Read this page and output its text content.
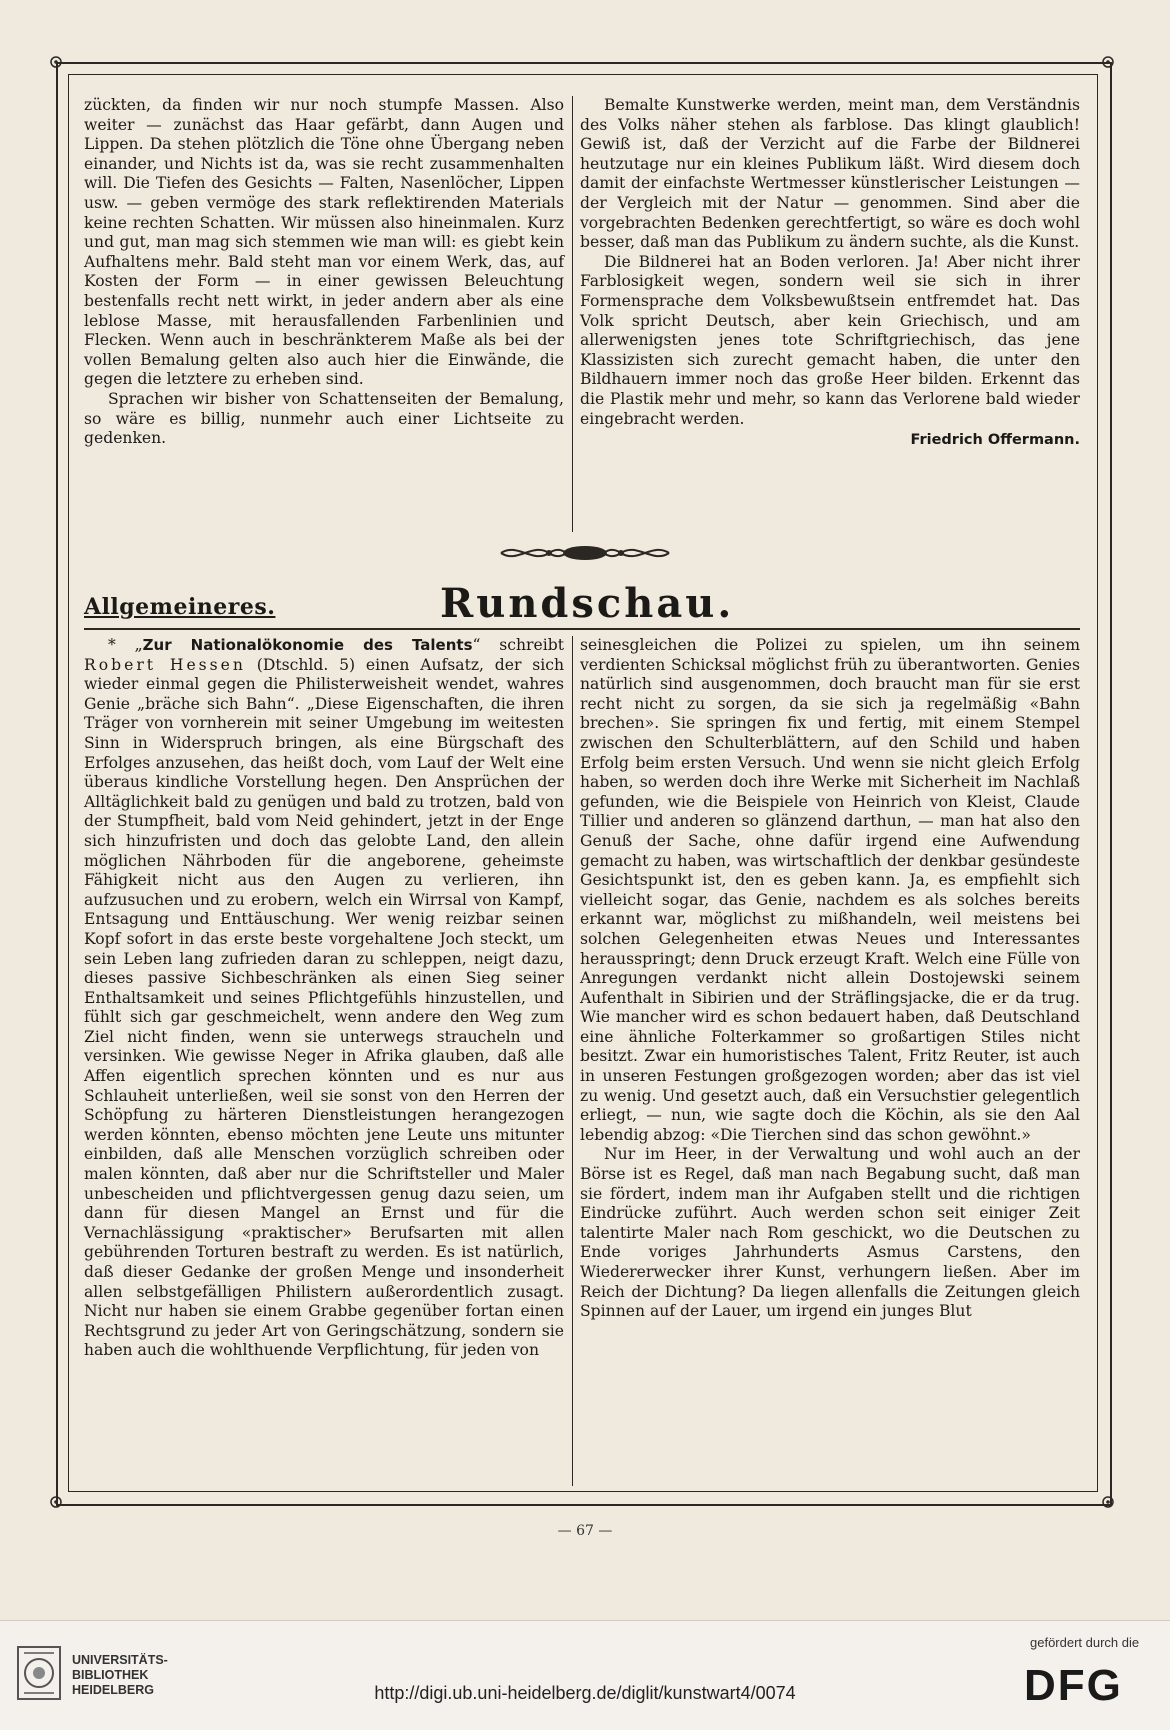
zückten, da finden wir nur noch stumpfe Massen. Also weiter — zunächst das Haar gefärbt, dann Augen und Lippen. Da stehen plötzlich die Töne ohne Übergang neben einander, und Nichts ist da, was sie recht zusammenhalten will. Die Tiefen des Gesichts — Falten, Nasenlöcher, Lippen usw. — geben vermöge des stark reflektirenden Materials keine rechten Schatten. Wir müssen also hineinmalen. Kurz und gut, man mag sich stemmen wie man will: es giebt kein Aufhaltens mehr. Bald steht man vor einem Werk, das, auf Kosten der Form — in einer gewissen Beleuchtung bestenfalls recht nett wirkt, in jeder andern aber als eine leblose Masse, mit herausfallenden Farbenlinien und Flecken. Wenn auch in beschränkterem Maße als bei der vollen Bemalung gelten also auch hier die Einwände, die gegen die letztere zu erheben sind.

Sprachen wir bisher von Schattenseiten der Bemalung, so wäre es billig, nunmehr auch einer Lichtseite zu gedenken.

Bemalte Kunstwerke werden, meint man, dem Verständnis des Volks näher stehen als farblose. Das klingt glaublich! Gewiß ist, daß der Verzicht auf die Farbe der Bildnerei heutzutage nur ein kleines Publikum läßt. Wird diesem doch damit der einfachste Wertmesser künstlerischer Leistungen — der Vergleich mit der Natur — genommen. Sind aber die vorgebrachten Bedenken gerechtfertigt, so wäre es doch wohl besser, daß man das Publikum zu ändern suchte, als die Kunst.

Die Bildnerei hat an Boden verloren. Ja! Aber nicht ihrer Farblosigkeit wegen, sondern weil sie sich in ihrer Formensprache dem Volksbewußtsein entfremdet hat. Das Volk spricht Deutsch, aber kein Griechisch, und am allerwenigsten jenes tote Schriftgriechisch, das jene Klassizisten sich zurecht gemacht haben, die unter den Bildhauern immer noch das große Heer bilden. Erkennt das die Plastik mehr und mehr, so kann das Verlorene bald wieder eingebracht werden.

Friedrich Offermann.
Allgemeineres.	Rundschau.

* „Zur Nationalökonomie des Talents“ schreibt Robert Hessen (Dtschld. 5) einen Aufsatz, der sich wieder einmal gegen die Philisterweisheit wendet, wahres Genie „bräche sich Bahn“. „Diese Eigenschaften, die ihren Träger von vornherein mit seiner Umgebung im weitesten Sinn in Widerspruch bringen, als eine Bürgschaft des Erfolges anzusehen, das heißt doch, vom Lauf der Welt eine überaus kindliche Vorstellung hegen. Den Ansprüchen der Alltäglichkeit bald zu genügen und bald zu trotzen, bald von der Stumpfheit, bald vom Neid gehindert, jetzt in der Enge sich hinzufristen und doch das gelobte Land, den allein möglichen Nährboden für die angeborene, geheimste Fähigkeit nicht aus den Augen zu verlieren, ihn aufzusuchen und zu erobern, welch ein Wirrsal von Kampf, Entsagung und Enttäuschung. Wer wenig reizbar seinen Kopf sofort in das erste beste vorgehaltene Joch steckt, um sein Leben lang zufrieden daran zu schleppen, neigt dazu, dieses passive Sichbeschränken als einen Sieg seiner Enthaltsamkeit und seines Pflichtgefühls hinzustellen, und fühlt sich gar geschmeichelt, wenn andere den Weg zum Ziel nicht finden, wenn sie unterwegs straucheln und versinken. Wie gewisse Neger in Afrika glauben, daß alle Affen eigentlich sprechen könnten und es nur aus Schlauheit unterließen, weil sie sonst von den Herren der Schöpfung zu härteren Dienstleistungen herangezogen werden könnten, ebenso möchten jene Leute uns mitunter einbilden, daß alle Menschen vorzüglich schreiben oder malen könnten, daß aber nur die Schriftsteller und Maler unbescheiden und pflichtvergessen genug dazu seien, um dann für diesen Mangel an Ernst und für die Vernachlässigung «praktischer» Berufsarten mit allen gebührenden Torturen bestraft zu werden. Es ist natürlich, daß dieser Gedanke der großen Menge und insonderheit allen selbstgefälligen Philistern außerordentlich zusagt. Nicht nur haben sie einem Grabbe gegenüber fortan einen Rechtsgrund zu jeder Art von Geringschätzung, sondern sie haben auch die wohlthuende Verpflichtung, für jeden von

seinesgleichen die Polizei zu spielen, um ihn seinem verdienten Schicksal möglichst früh zu überantworten. Genies natürlich sind ausgenommen, doch braucht man für sie erst recht nicht zu sorgen, da sie sich ja regelmäßig «Bahn brechen». Sie springen fix und fertig, mit einem Stempel zwischen den Schulterblättern, auf den Schild und haben Erfolg beim ersten Versuch. Und wenn sie nicht gleich Erfolg haben, so werden doch ihre Werke mit Sicherheit im Nachlaß gefunden, wie die Beispiele von Heinrich von Kleist, Claude Tillier und anderen so glänzend darthun, — man hat also den Genuß der Sache, ohne dafür irgend eine Aufwendung gemacht zu haben, was wirtschaftlich der denkbar gesündeste Gesichtspunkt ist, den es geben kann. Ja, es empfiehlt sich vielleicht sogar, das Genie, nachdem es als solches bereits erkannt war, möglichst zu mißhandeln, weil meistens bei solchen Gelegenheiten etwas Neues und Interessantes herausspringt; denn Druck erzeugt Kraft. Welch eine Fülle von Anregungen verdankt nicht allein Dostojewski seinem Aufenthalt in Sibirien und der Sträflingsjacke, die er da trug. Wie mancher wird es schon bedauert haben, daß Deutschland eine ähnliche Folterkammer so großartigen Stiles nicht besitzt. Zwar ein humoristisches Talent, Fritz Reuter, ist auch in unseren Festungen großgezogen worden; aber das ist viel zu wenig. Und gesetzt auch, daß ein Versuchstier gelegentlich erliegt, — nun, wie sagte doch die Köchin, als sie den Aal lebendig abzog: «Die Tierchen sind das schon gewöhnt.»

Nur im Heer, in der Verwaltung und wohl auch an der Börse ist es Regel, daß man nach Begabung sucht, daß man sie fördert, indem man ihr Aufgaben stellt und die richtigen Eindrücke zuführt. Auch werden schon seit einiger Zeit talentirte Maler nach Rom geschickt, wo die Deutschen zu Ende voriges Jahrhunderts Asmus Carstens, den Wiedererwecker ihrer Kunst, verhungern ließen. Aber im Reich der Dichtung? Da liegen allenfalls die Zeitungen gleich Spinnen auf der Lauer, um irgend ein junges Blut

— 67 —
UNIVERSITÄTS-
BIBLIOTHEK
HEIDELBERG	http://digi.ub.uni-heidelberg.de/diglit/kunstwart4/0074
gefördert durch die
DFG
